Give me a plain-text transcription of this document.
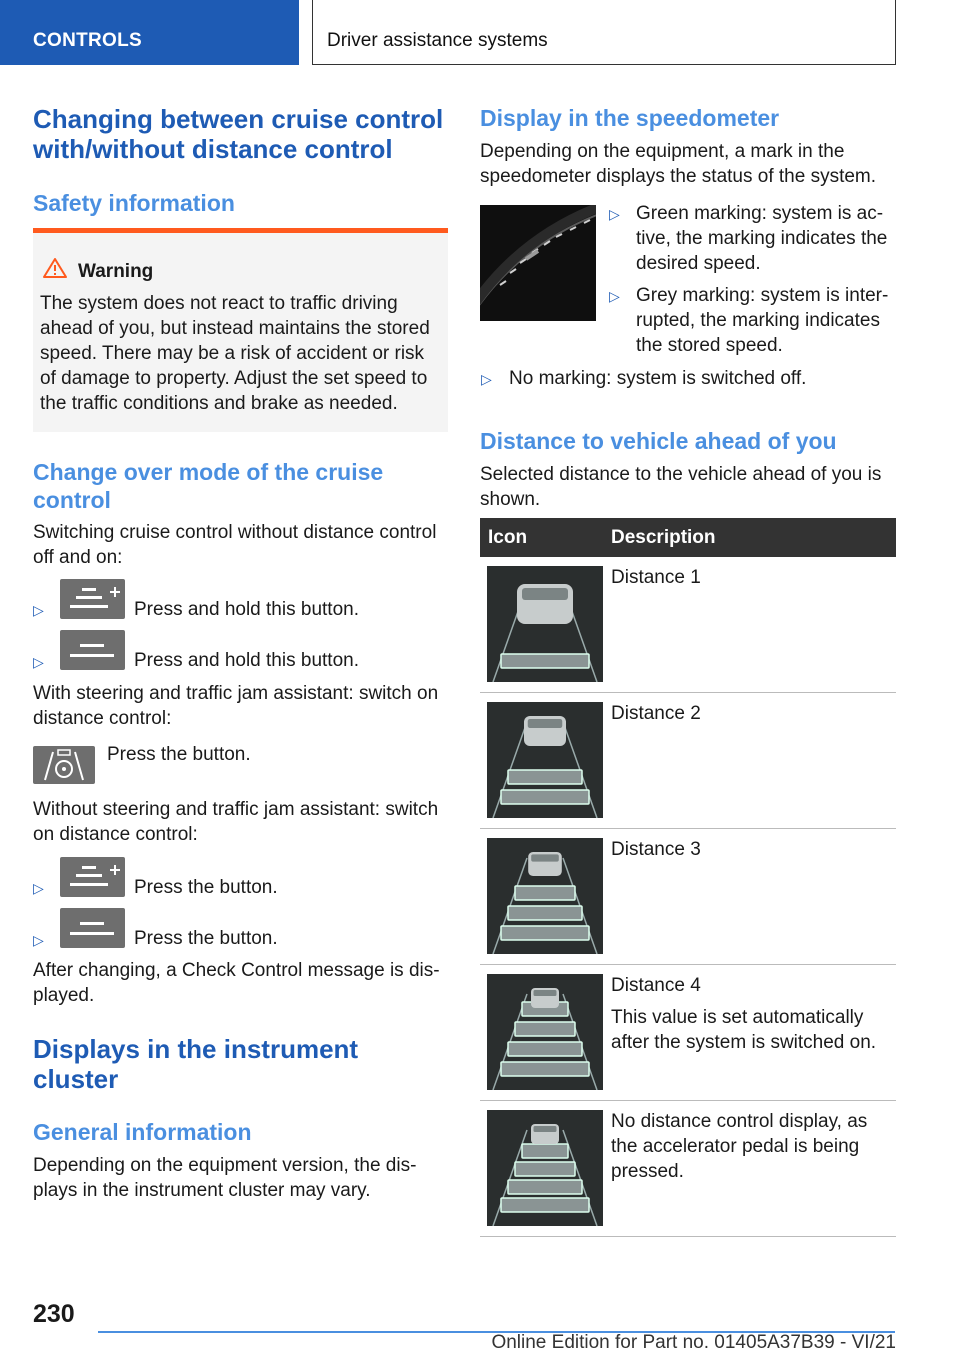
CONTROLS	Driver assistance systems
Changing between cruise control with/without distance control
Safety information
Warning
The system does not react to traffic driving ahead of you, but instead maintains the stored speed. There may be a risk of accident or risk of damage to property. Adjust the set speed to the traffic conditions and brake as needed.
Change over mode of the cruise control
Switching cruise control without distance control off and on:
▷	Press and hold this button.
▷	Press and hold this button.
With steering and traffic jam assistant: switch on distance control:
Press the button.
Without steering and traffic jam assistant: switch on distance control:
▷	Press the button.
▷	Press the button.
After changing, a Check Control message is displayed.
Displays in the instrument cluster
General information
Depending on the equipment version, the displays in the instrument cluster may vary.
Display in the speedometer
Depending on the equipment, a mark in the speedometer displays the status of the system.
▷ Green marking: system is active, the marking indicates the desired speed.
▷ Grey marking: system is interrupted, the marking indicates the stored speed.
▷ No marking: system is switched off.
Distance to vehicle ahead of you
Selected distance to the vehicle ahead of you is shown.
Icon	Description
Distance 1
Distance 2
Distance 3
Distance 4
This value is set automatically after the system is switched on.
No distance control display, as the accelerator pedal is being pressed.
230
Online Edition for Part no. 01405A37B39 - VI/21
